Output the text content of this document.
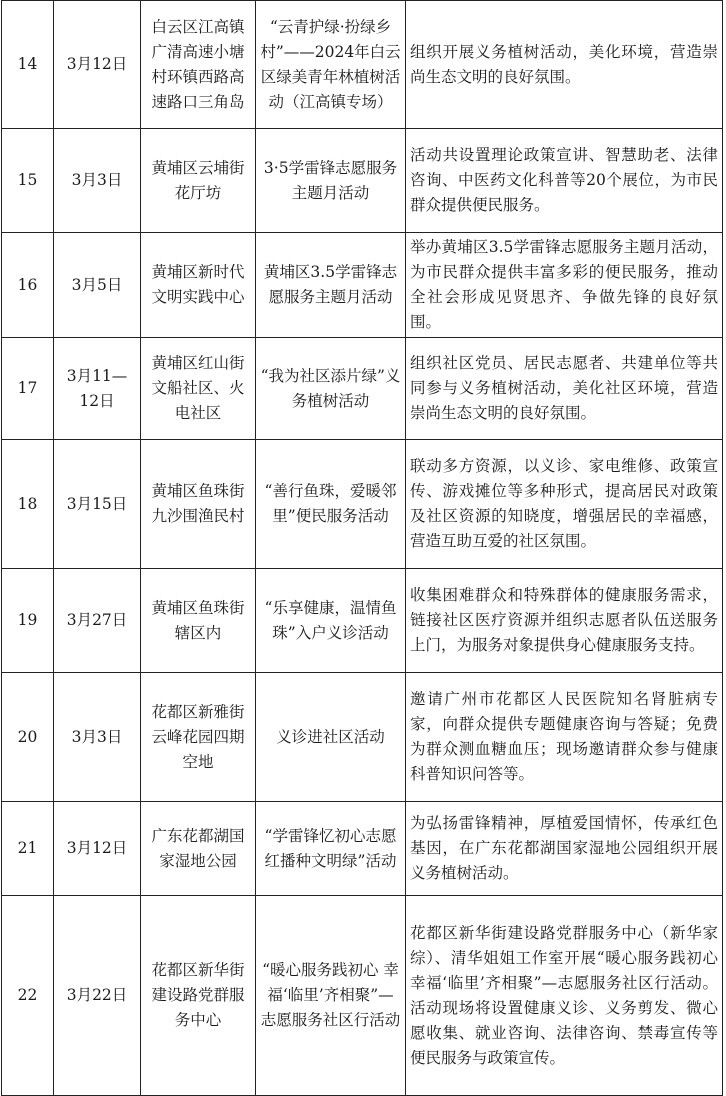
14	3月12日	白云区江高镇广清高速小塘村环镇西路高速路口三角岛	“云青护绿·扮绿乡村”——2024年白云区绿美青年林植树活动（江高镇专场）	组织开展义务植树活动，美化环境，营造崇尚生态文明的良好氛围。
15	3月3日	黄埔区云埔街花厅坊	3·5学雷锋志愿服务主题月活动	活动共设置理论政策宣讲、智慧助老、法律咨询、中医药文化科普等20个展位，为市民群众提供便民服务。
16	3月5日	黄埔区新时代文明实践中心	黄埔区3.5学雷锋志愿服务主题月活动	举办黄埔区3.5学雷锋志愿服务主题月活动，为市民群众提供丰富多彩的便民服务，推动全社会形成见贤思齐、争做先锋的良好氛围。
17	3月11—12日	黄埔区红山街文船社区、火电社区	“我为社区添片绿”义务植树活动	组织社区党员、居民志愿者、共建单位等共同参与义务植树活动，美化社区环境，营造崇尚生态文明的良好氛围。
18	3月15日	黄埔区鱼珠街九沙围渔民村	“善行鱼珠，爱暖邻里”便民服务活动	联动多方资源，以义诊、家电维修、政策宣传、游戏摊位等多种形式，提高居民对政策及社区资源的知晓度，增强居民的幸福感，营造互助互爱的社区氛围。
19	3月27日	黄埔区鱼珠街辖区内	“乐享健康，温情鱼珠”入户义诊活动	收集困难群众和特殊群体的健康服务需求，链接社区医疗资源并组织志愿者队伍送服务上门，为服务对象提供身心健康服务支持。
20	3月3日	花都区新雅街云峰花园四期空地	义诊进社区活动	邀请广州市花都区人民医院知名肾脏病专家，向群众提供专题健康咨询与答疑；免费为群众测血糖血压；现场邀请群众参与健康科普知识问答等。
21	3月12日	广东花都湖国家湿地公园	“学雷锋忆初心志愿红播种文明绿”活动	为弘扬雷锋精神，厚植爱国情怀，传承红色基因，在广东花都湖国家湿地公园组织开展义务植树活动。
22	3月22日	花都区新华街建设路党群服务中心	“暖心服务践初心 幸福‘临里’齐相聚”—志愿服务社区行活动	花都区新华街建设路党群服务中心（新华家综）、清华姐姐工作室开展“暖心服务践初心 幸福‘临里’齐相聚”—志愿服务社区行活动。活动现场将设置健康义诊、义务剪发、微心愿收集、就业咨询、法律咨询、禁毒宣传等便民服务与政策宣传。
